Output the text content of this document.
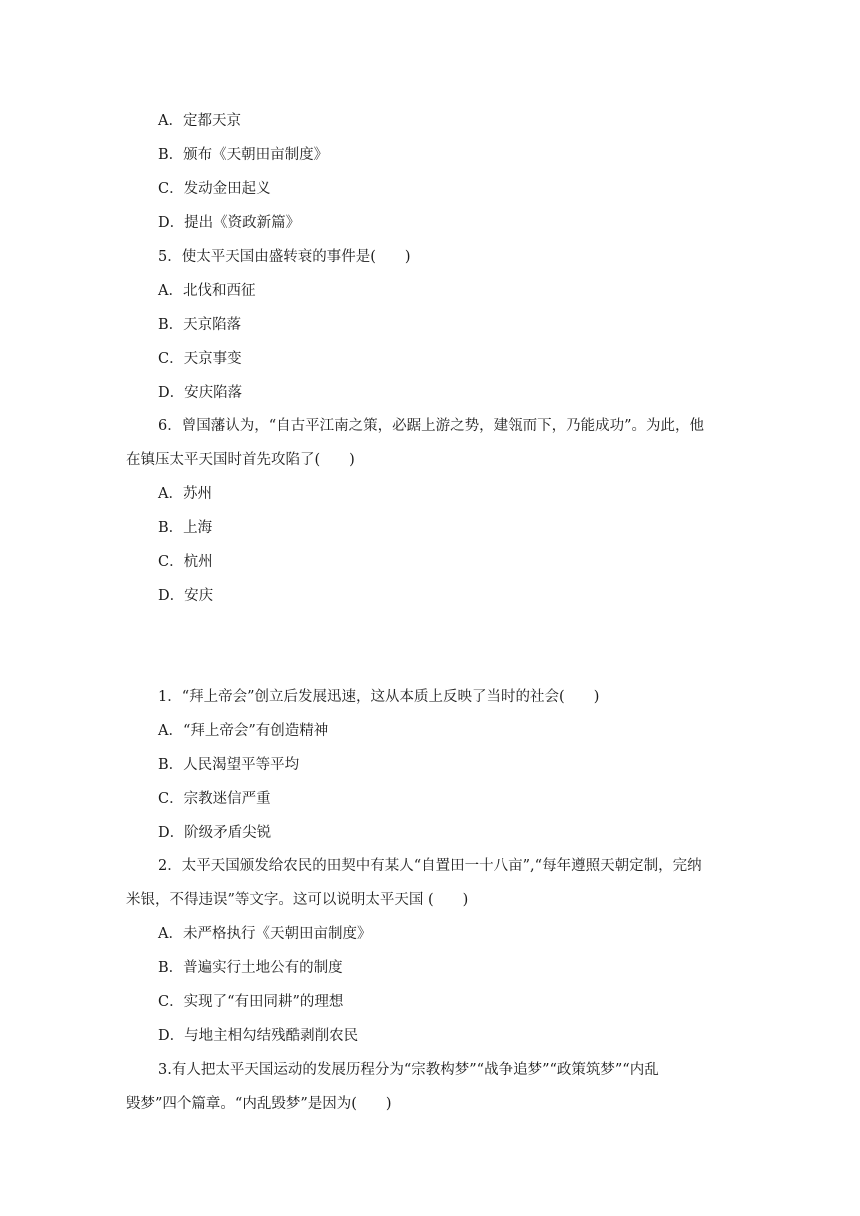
A．定都天京
B．颁布《天朝田亩制度》
C．发动金田起义
D．提出《资政新篇》
5．使太平天国由盛转衰的事件是(　　)
A．北伐和西征
B．天京陷落
C．天京事变
D．安庆陷落
6．曾国藩认为，“自古平江南之策，必踞上游之势，建瓴而下，乃能成功”。为此，他
在镇压太平天国时首先攻陷了(　　)
A．苏州
B．上海
C．杭州
D．安庆
1．“拜上帝会”创立后发展迅速，这从本质上反映了当时的社会(　　)
A．“拜上帝会”有创造精神
B．人民渴望平等平均
C．宗教迷信严重
D．阶级矛盾尖锐
2．太平天国颁发给农民的田契中有某人“自置田一十八亩”,“每年遵照天朝定制，完纳
米银，不得违误”等文字。这可以说明太平天国 (　　)
A．未严格执行《天朝田亩制度》
B．普遍实行土地公有的制度
C．实现了“有田同耕”的理想
D．与地主相勾结残酷剥削农民
3.有人把太平天国运动的发展历程分为“宗教构梦”“战争追梦”“政策筑梦”“内乱
毁梦”四个篇章。“内乱毁梦”是因为(　　)
